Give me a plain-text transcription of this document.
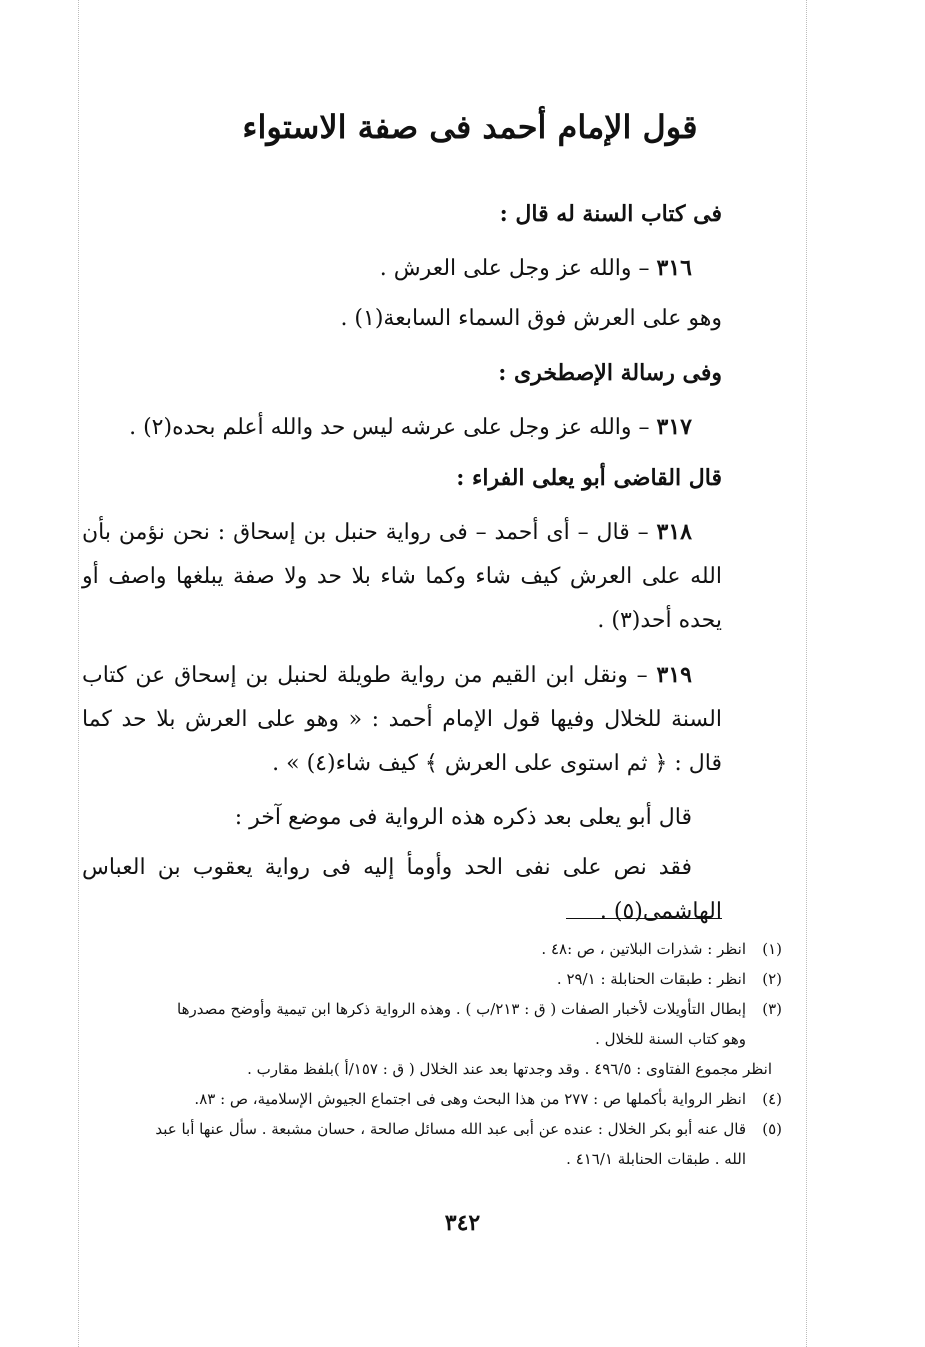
قول الإمام أحمد فى صفة الاستواء

فى كتاب السنة له قال :

٣١٦ – والله عز وجل على العرش .

وهو على العرش فوق السماء السابعة(١) .

وفى رسالة الإصطخرى :

٣١٧ – والله عز وجل على عرشه ليس حد والله أعلم بحده(٢) .

قال القاضى أبو يعلى الفراء :

٣١٨ – قال – أى أحمد – فى رواية حنبل بن إسحاق : نحن نؤمن بأن الله على العرش كيف شاء وكما شاء بلا حد ولا صفة يبلغها واصف أو يحده أحد(٣) .

٣١٩ – ونقل ابن القيم من رواية طويلة لحنبل بن إسحاق عن كتاب السنة للخلال وفيها قول الإمام أحمد : « وهو على العرش بلا حد كما قال : ﴿ ثم استوى على العرش ﴾ كيف شاء(٤) » .

قال أبو يعلى بعد ذكره هذه الرواية فى موضع آخر :

فقد نص على نفى الحد وأومأ إليه فى رواية يعقوب بن العباس الهاشمى(٥) .

(١)
انظر : شذرات البلاتين ، ص :٤٨ .

(٢)
انظر : طبقات الحنابلة : ٢٩/١ .

(٣)
إبطال التأويلات لأخبار الصفات ( ق : ٢١٣/ب ) . وهذه الرواية ذكرها ابن تيمية وأوضح مصدرها

وهو كتاب السنة للخلال .

انظر مجموع الفتاوى : ٤٩٦/٥ . وقد وجدتها بعد عند الخلال ( ق : ١٥٧/أ )بلفظ مقارب .

(٤)
انظر الرواية بأكملها ص : ٢٧٧ من هذا البحث وهى فى اجتماع الجيوش الإسلامية، ص : ٨٣.

(٥)
قال عنه أبو بكر الخلال : عنده عن أبى عبد الله مسائل صالحة ، حسان مشبعة . سأل عنها أبا عبد

الله . طبقات الحنابلة ٤١٦/١ .

٣٤٢
